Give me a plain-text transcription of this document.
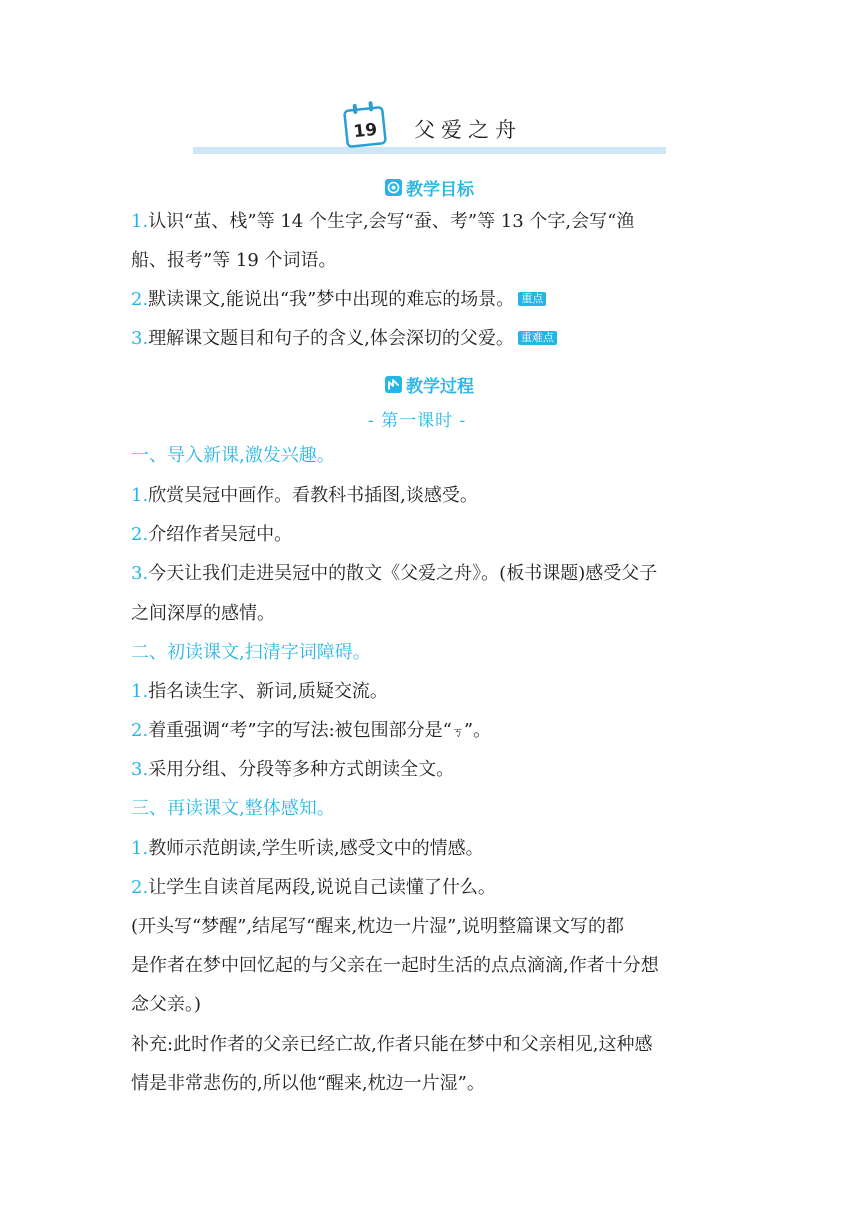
19 父爱之舟
教学目标
1.认识“茧、栈”等 14 个生字,会写“蚕、考”等 13 个字,会写“渔
船、报考”等 19 个词语。
2.默读课文,能说出“我”梦中出现的难忘的场景。 重点
3.理解课文题目和句子的含义,体会深切的父爱。 重难点
教学过程
- 第一课时 -
一、导入新课,激发兴趣。
1.欣赏吴冠中画作。看教科书插图,谈感受。
2.介绍作者吴冠中。
3.今天让我们走进吴冠中的散文《父爱之舟》。(板书课题)感受父子
之间深厚的感情。
二、初读课文,扫清字词障碍。
1.指名读生字、新词,质疑交流。
2.着重强调“考”字的写法:被包围部分是“ㄎ”。
3.采用分组、分段等多种方式朗读全文。
三、再读课文,整体感知。
1.教师示范朗读,学生听读,感受文中的情感。
2.让学生自读首尾两段,说说自己读懂了什么。
(开头写“梦醒”,结尾写“醒来,枕边一片湿”,说明整篇课文写的都
是作者在梦中回忆起的与父亲在一起时生活的点点滴滴,作者十分想
念父亲。)
补充:此时作者的父亲已经亡故,作者只能在梦中和父亲相见,这种感
情是非常悲伤的,所以他“醒来,枕边一片湿”。
